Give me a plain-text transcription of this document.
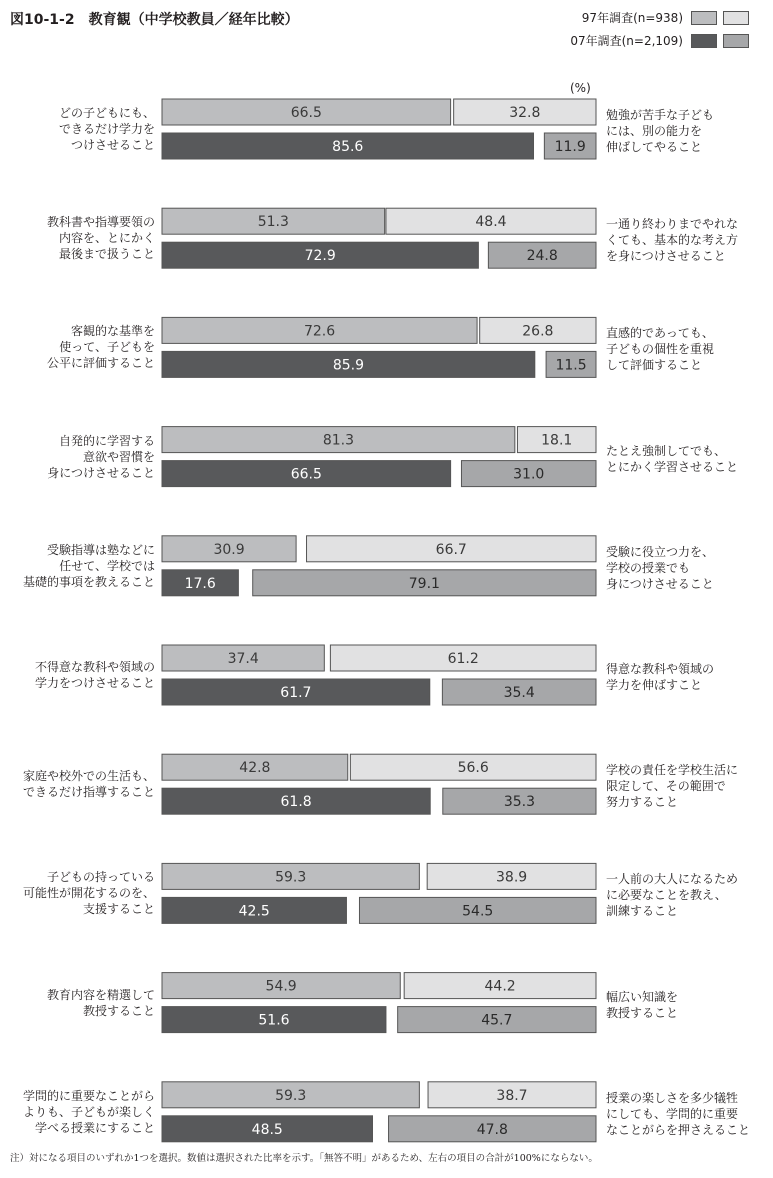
図10-1-2　教育観（中学校教員／経年比較）	97年調査(n=938)
07年調査(n=2,109)
(%)
66.5	32.8
85.6	11.9
51.3	48.4
72.9	24.8
72.6	26.8
85.9	11.5
81.3	18.1
66.5	31.0
30.9	66.7
17.6	79.1
37.4	61.2
61.7	35.4
42.8	56.6
61.8	35.3
59.3	38.9
42.5	54.5
54.9	44.2
51.6	45.7
59.3	38.7
48.5	47.8
どの子どもにも、
できるだけ学力を
つけさせること
勉強が苦手な子ども
には、別の能力を
伸ばしてやること
教科書や指導要領の
内容を、とにかく
最後まで扱うこと
一通り終わりまでやれな
くても、基本的な考え方
を身につけさせること
客観的な基準を
使って、子どもを
公平に評価すること
直感的であっても、
子どもの個性を重視
して評価すること
自発的に学習する
意欲や習慣を
身につけさせること
たとえ強制してでも、
とにかく学習させること
受験指導は塾などに
任せて、学校では
基礎的事項を教えること
受験に役立つ力を、
学校の授業でも
身につけさせること
不得意な教科や領域の
学力をつけさせること
得意な教科や領域の
学力を伸ばすこと
家庭や校外での生活も、
できるだけ指導すること
学校の責任を学校生活に
限定して、その範囲で
努力すること
子どもの持っている
可能性が開花するのを、
支援すること
一人前の大人になるため
に必要なことを教え、
訓練すること
教育内容を精選して
教授すること
幅広い知識を
教授すること
学問的に重要なことがら
よりも、子どもが楽しく
学べる授業にすること
授業の楽しさを多少犠牲
にしても、学問的に重要
なことがらを押さえること
注）対になる項目のいずれか1つを選択。数値は選択された比率を示す。「無答不明」があるため、左右の項目の合計が100%にならない。
